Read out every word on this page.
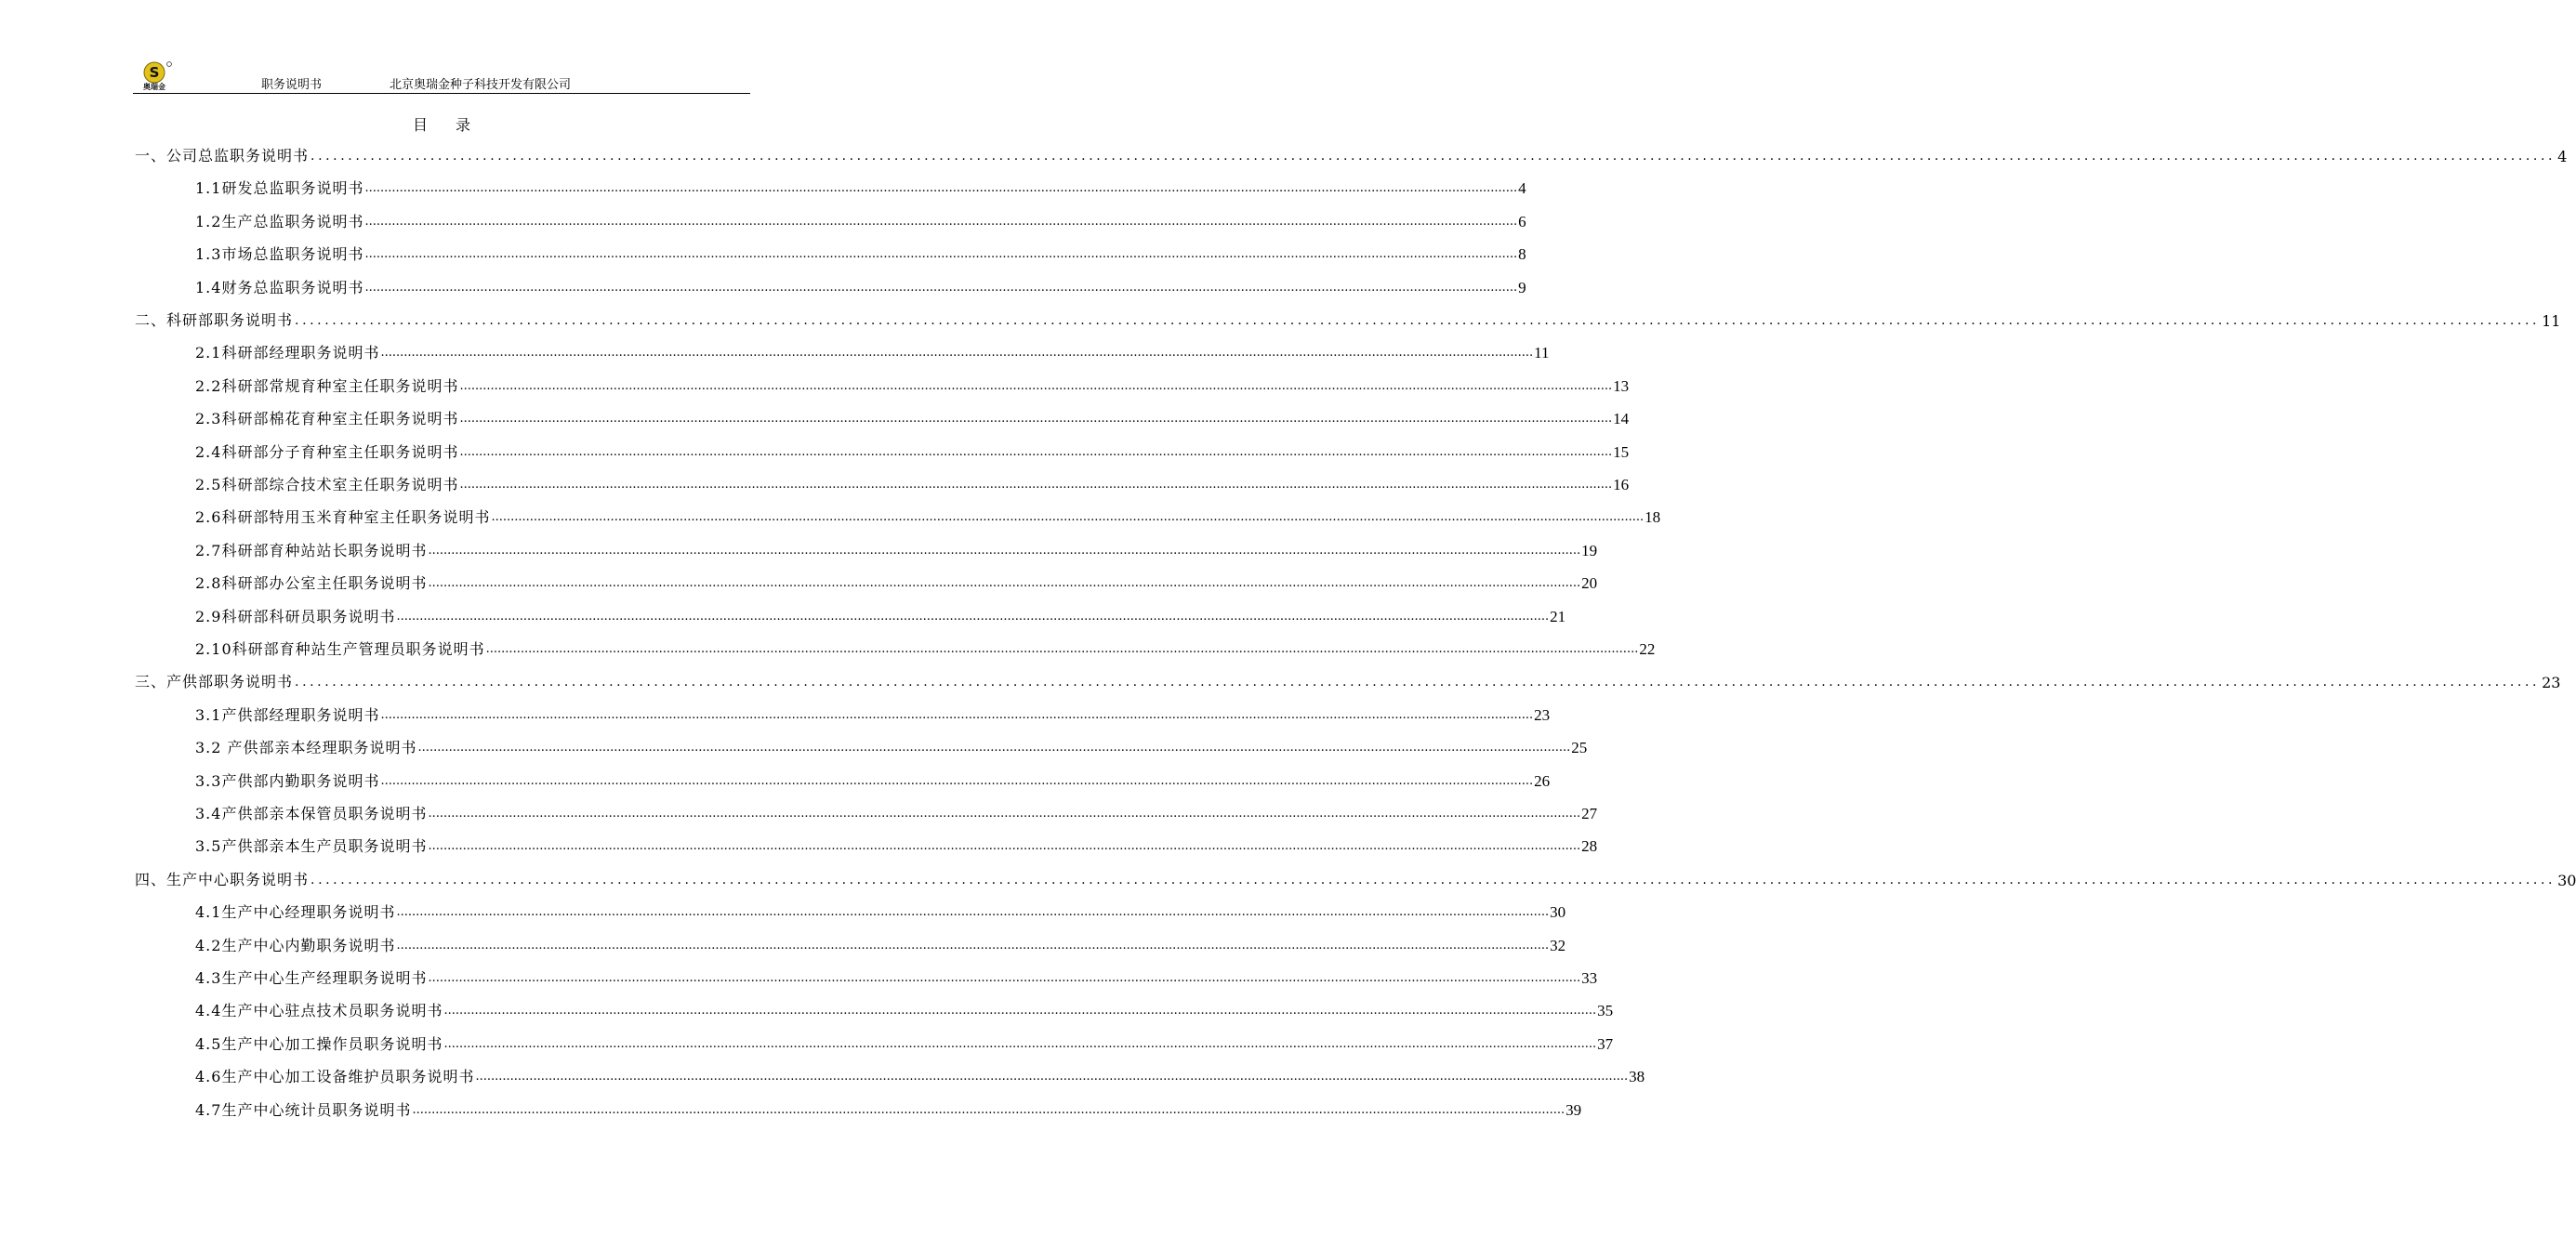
S
奥瑞金	职务说明书	北京奥瑞金种子科技开发有限公司
目录
一、公司总监职务说明书 ............................................................................................................................................................................................................................................................................................................ 4
1.1研发总监职务说明书 ............................................................................................................................................................................................................................................................................................................ 4
1.2生产总监职务说明书 ............................................................................................................................................................................................................................................................................................................ 6
1.3市场总监职务说明书 ............................................................................................................................................................................................................................................................................................................ 8
1.4财务总监职务说明书 ............................................................................................................................................................................................................................................................................................................ 9
二、科研部职务说明书 ............................................................................................................................................................................................................................................................................................................ 11
2.1科研部经理职务说明书 ............................................................................................................................................................................................................................................................................................................ 11
2.2科研部常规育种室主任职务说明书 ............................................................................................................................................................................................................................................................................................................ 13
2.3科研部棉花育种室主任职务说明书 ............................................................................................................................................................................................................................................................................................................ 14
2.4科研部分子育种室主任职务说明书 ............................................................................................................................................................................................................................................................................................................ 15
2.5科研部综合技术室主任职务说明书 ............................................................................................................................................................................................................................................................................................................ 16
2.6科研部特用玉米育种室主任职务说明书 ............................................................................................................................................................................................................................................................................................................ 18
2.7科研部育种站站长职务说明书 ............................................................................................................................................................................................................................................................................................................ 19
2.8科研部办公室主任职务说明书 ............................................................................................................................................................................................................................................................................................................ 20
2.9科研部科研员职务说明书 ............................................................................................................................................................................................................................................................................................................ 21
2.10科研部育种站生产管理员职务说明书 ............................................................................................................................................................................................................................................................................................................ 22
三、产供部职务说明书 ............................................................................................................................................................................................................................................................................................................ 23
3.1产供部经理职务说明书 ............................................................................................................................................................................................................................................................................................................ 23
3.2 产供部亲本经理职务说明书 ............................................................................................................................................................................................................................................................................................................ 25
3.3产供部内勤职务说明书 ............................................................................................................................................................................................................................................................................................................ 26
3.4产供部亲本保管员职务说明书 ............................................................................................................................................................................................................................................................................................................ 27
3.5产供部亲本生产员职务说明书 ............................................................................................................................................................................................................................................................................................................ 28
四、生产中心职务说明书 ............................................................................................................................................................................................................................................................................................................ 30
4.1生产中心经理职务说明书 ............................................................................................................................................................................................................................................................................................................ 30
4.2生产中心内勤职务说明书 ............................................................................................................................................................................................................................................................................................................ 32
4.3生产中心生产经理职务说明书 ............................................................................................................................................................................................................................................................................................................ 33
4.4生产中心驻点技术员职务说明书 ............................................................................................................................................................................................................................................................................................................ 35
4.5生产中心加工操作员职务说明书 ............................................................................................................................................................................................................................................................................................................ 37
4.6生产中心加工设备维护员职务说明书 ............................................................................................................................................................................................................................................................................................................ 38
4.7生产中心统计员职务说明书 ............................................................................................................................................................................................................................................................................................................ 39
